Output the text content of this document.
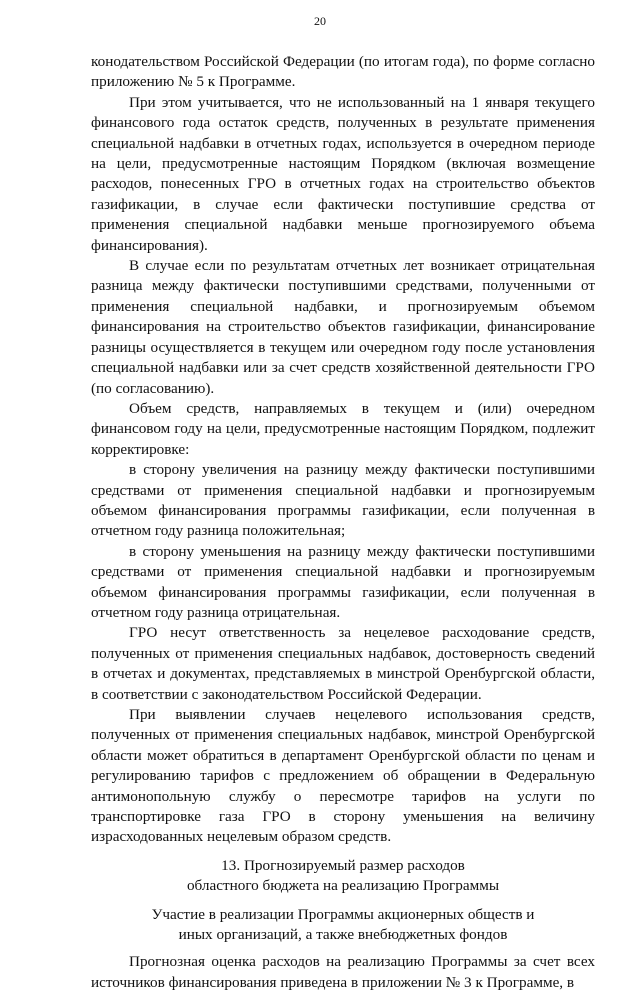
20

конодательством Российской Федерации (по итогам года), по форме согласно приложению № 5 к Программе.

При этом учитывается, что не использованный на 1 января текущего финансового года остаток средств, полученных в результате применения специальной надбавки в отчетных годах, используется в очередном периоде на цели, предусмотренные настоящим Порядком (включая возмещение расходов, понесенных ГРО в отчетных годах на строительство объектов газификации, в случае если фактически поступившие средства от применения специальной надбавки меньше прогнозируемого объема финансирования).

В случае если по результатам отчетных лет возникает отрицательная разница между фактически поступившими средствами, полученными от применения специальной надбавки, и прогнозируемым объемом финансирования на строительство объектов газификации, финансирование разницы осуществляется в текущем или очередном году после установления специальной надбавки или за счет средств хозяйственной деятельности ГРО (по согласованию).

Объем средств, направляемых в текущем и (или) очередном финансовом году на цели, предусмотренные настоящим Порядком, подлежит корректировке:

в сторону увеличения на разницу между фактически поступившими средствами от применения специальной надбавки и прогнозируемым объемом финансирования программы газификации, если полученная в отчетном году разница положительная;

в сторону уменьшения на разницу между фактически поступившими средствами от применения специальной надбавки и прогнозируемым объемом финансирования программы газификации, если полученная в отчетном году разница отрицательная.

ГРО несут ответственность за нецелевое расходование средств, полученных от применения специальных надбавок, достоверность сведений в отчетах и документах, представляемых в минстрой Оренбургской области, в соответствии с законодательством Российской Федерации.

При выявлении случаев нецелевого использования средств, полученных от применения специальных надбавок, минстрой Оренбургской области может обратиться в департамент Оренбургской области по ценам и регулированию тарифов с предложением об обращении в Федеральную антимонопольную службу о пересмотре тарифов на услуги по транспортировке газа ГРО в сторону уменьшения на величину израсходованных нецелевым образом средств.

13. Прогнозируемый размер расходов

областного бюджета на реализацию Программы

Участие в реализации Программы акционерных обществ и

иных организаций, а также внебюджетных фондов

Прогнозная оценка расходов на реализацию Программы за счет всех источников финансирования приведена в приложении № 3 к Программе, в
